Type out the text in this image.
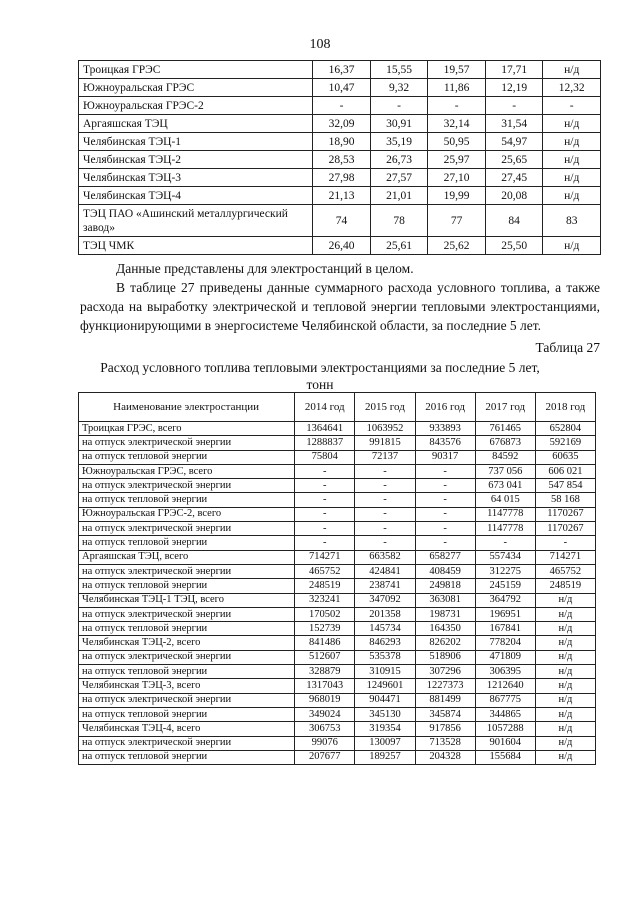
108
Троицкая ГРЭС	16,37	15,55	19,57	17,71	н/д
Южноуральская ГРЭС	10,47	9,32	11,86	12,19	12,32
Южноуральская ГРЭС-2	-	-	-	-	-
Аргаяшская ТЭЦ	32,09	30,91	32,14	31,54	н/д
Челябинская ТЭЦ-1	18,90	35,19	50,95	54,97	н/д
Челябинская ТЭЦ-2	28,53	26,73	25,97	25,65	н/д
Челябинская ТЭЦ-3	27,98	27,57	27,10	27,45	н/д
Челябинская ТЭЦ-4	21,13	21,01	19,99	20,08	н/д
ТЭЦ ПАО «Ашинский металлургический завод»	74	78	77	84	83
ТЭЦ ЧМК	26,40	25,61	25,62	25,50	н/д
Данные представлены для электростанций в целом.
В таблице 27 приведены данные суммарного расхода условного топлива, а также расхода на выработку электрической и тепловой энергии тепловыми электростанциями, функционирующими в энергосистеме Челябинской области, за последние 5 лет.
Таблица 27
Расход условного топлива тепловыми электростанциями за последние 5 лет,
тонн
Наименование электростанции	2014 год	2015 год	2016 год	2017 год	2018 год
Троицкая ГРЭС, всего	1364641	1063952	933893	761465	652804
на отпуск электрической энергии	1288837	991815	843576	676873	592169
на отпуск тепловой энергии	75804	72137	90317	84592	60635
Южноуральская ГРЭС, всего	-	-	-	737 056	606 021
на отпуск электрической энергии	-	-	-	673 041	547 854
на отпуск тепловой энергии	-	-	-	64 015	58 168
Южноуральская ГРЭС-2, всего	-	-	-	1147778	1170267
на отпуск электрической энергии	-	-	-	1147778	1170267
на отпуск тепловой энергии	-	-	-	-	-
Аргаяшская ТЭЦ, всего	714271	663582	658277	557434	714271
на отпуск электрической энергии	465752	424841	408459	312275	465752
на отпуск тепловой энергии	248519	238741	249818	245159	248519
Челябинская ТЭЦ-1 ТЭЦ, всего	323241	347092	363081	364792	н/д
на отпуск электрической энергии	170502	201358	198731	196951	н/д
на отпуск тепловой энергии	152739	145734	164350	167841	н/д
Челябинская ТЭЦ-2, всего	841486	846293	826202	778204	н/д
на отпуск электрической энергии	512607	535378	518906	471809	н/д
на отпуск тепловой энергии	328879	310915	307296	306395	н/д
Челябинская ТЭЦ-3, всего	1317043	1249601	1227373	1212640	н/д
на отпуск электрической энергии	968019	904471	881499	867775	н/д
на отпуск тепловой энергии	349024	345130	345874	344865	н/д
Челябинская ТЭЦ-4, всего	306753	319354	917856	1057288	н/д
на отпуск электрической энергии	99076	130097	713528	901604	н/д
на отпуск тепловой энергии	207677	189257	204328	155684	н/д
